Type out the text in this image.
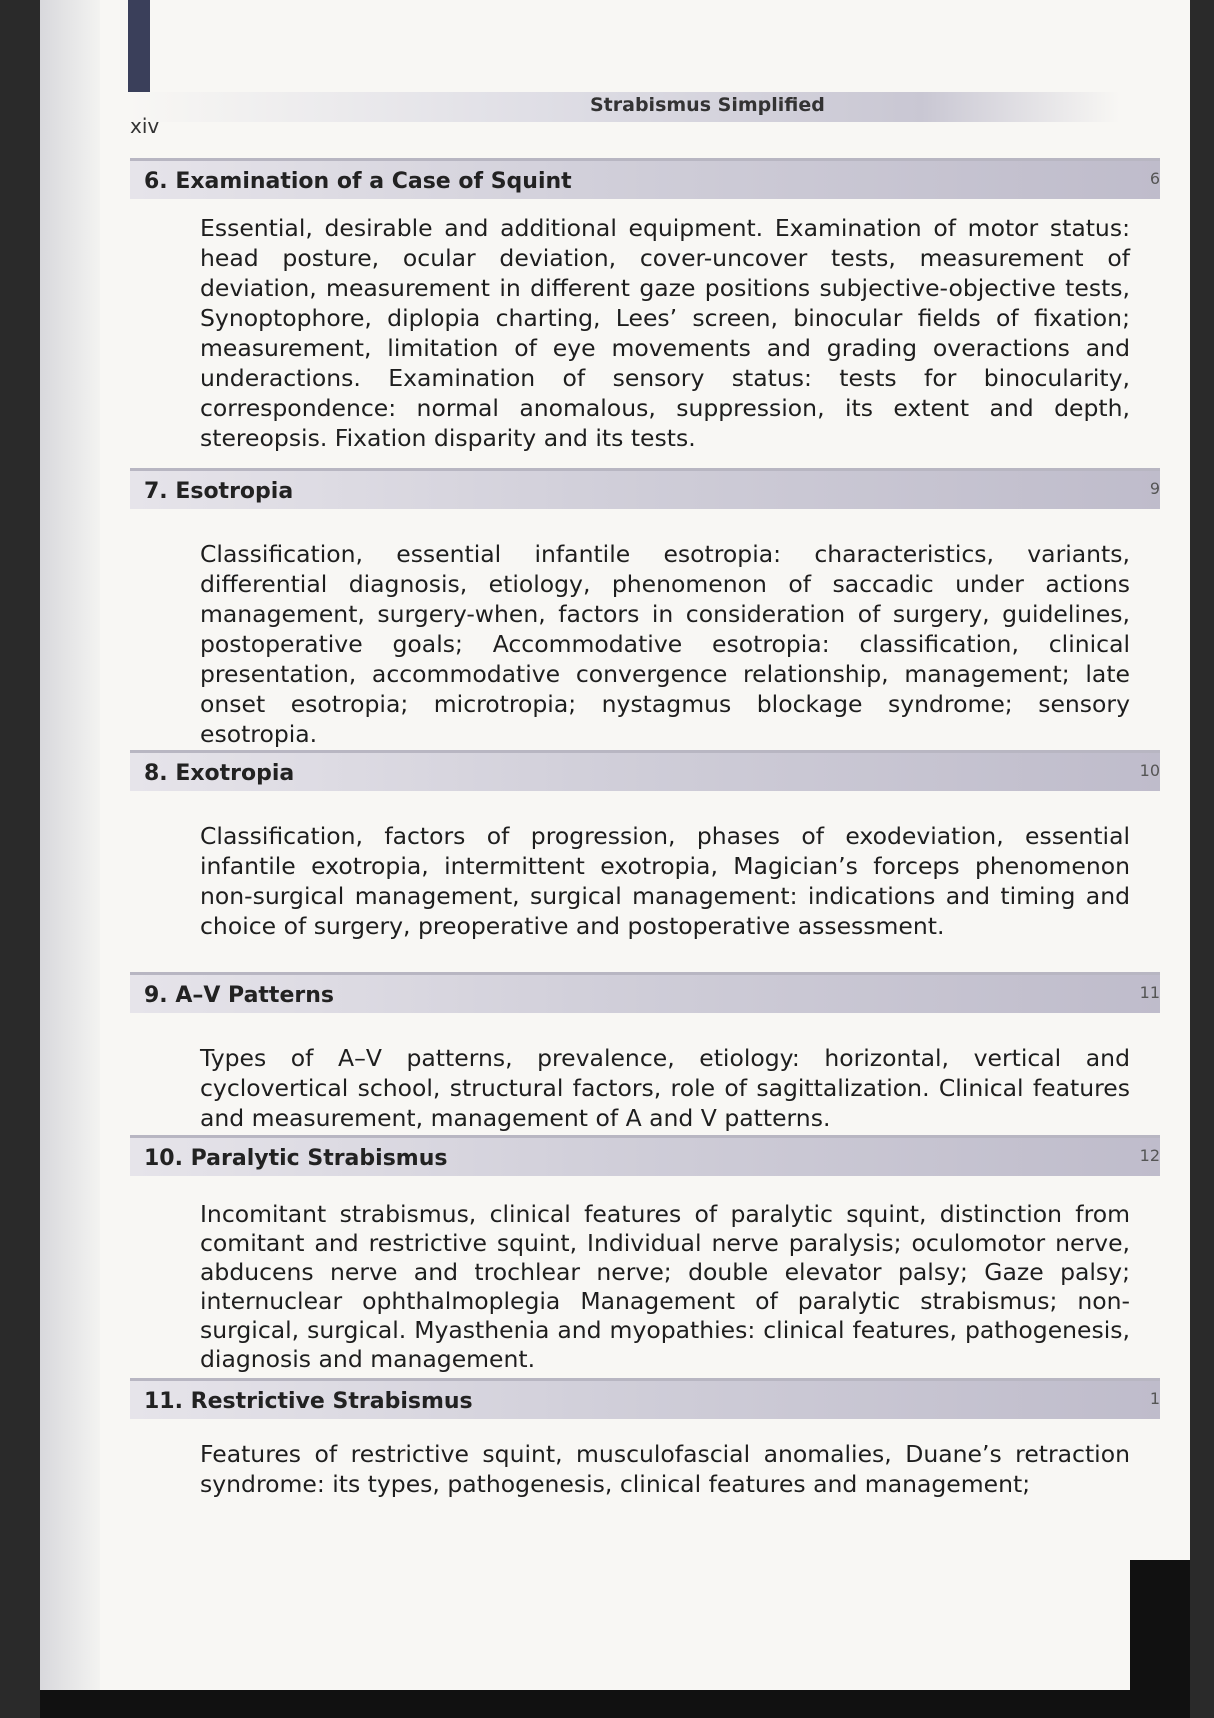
xiv
Strabismus Simplified
6. Examination of a Case of Squint	6
Essential, desirable and additional equipment. Examination of motor status: head posture, ocular deviation, cover-uncover tests, measurement of deviation, measurement in different gaze positions subjective-objective tests, Synoptophore, diplopia charting, Lees’ screen, binocular fields of fixation; measurement, limitation of eye movements and grading overactions and underactions. Examination of sensory status: tests for binocularity, correspondence: normal anomalous, suppression, its extent and depth, stereopsis. Fixation disparity and its tests.
7. Esotropia	9
Classification, essential infantile esotropia: characteristics, variants, differential diagnosis, etiology, phenomenon of saccadic under actions management, surgery-when, factors in consideration of surgery, guidelines, postoperative goals; Accommodative esotropia: classification, clinical presentation, accommodative convergence relationship, management; late onset esotropia; microtropia; nystagmus blockage syndrome; sensory esotropia.
8. Exotropia	10
Classification, factors of progression, phases of exodeviation, essential infantile exotropia, intermittent exotropia, Magician’s forceps phenomenon non-surgical management, surgical management: indications and timing and choice of surgery, preoperative and postoperative assessment.
9. A–V Patterns	11
Types of A–V patterns, prevalence, etiology: horizontal, vertical and cyclovertical school, structural factors, role of sagittalization. Clinical features and measurement, management of A and V patterns.
10. Paralytic Strabismus	12
Incomitant strabismus, clinical features of paralytic squint, distinction from comitant and restrictive squint, Individual nerve paralysis; oculomotor nerve, abducens nerve and trochlear nerve; double elevator palsy; Gaze palsy; internuclear ophthalmoplegia Management of paralytic strabismus; non-surgical, surgical. Myasthenia and myopathies: clinical features, pathogenesis, diagnosis and management.
11. Restrictive Strabismus	1
Features of restrictive squint, musculofascial anomalies, Duane’s retraction syndrome: its types, pathogenesis, clinical features and management;
